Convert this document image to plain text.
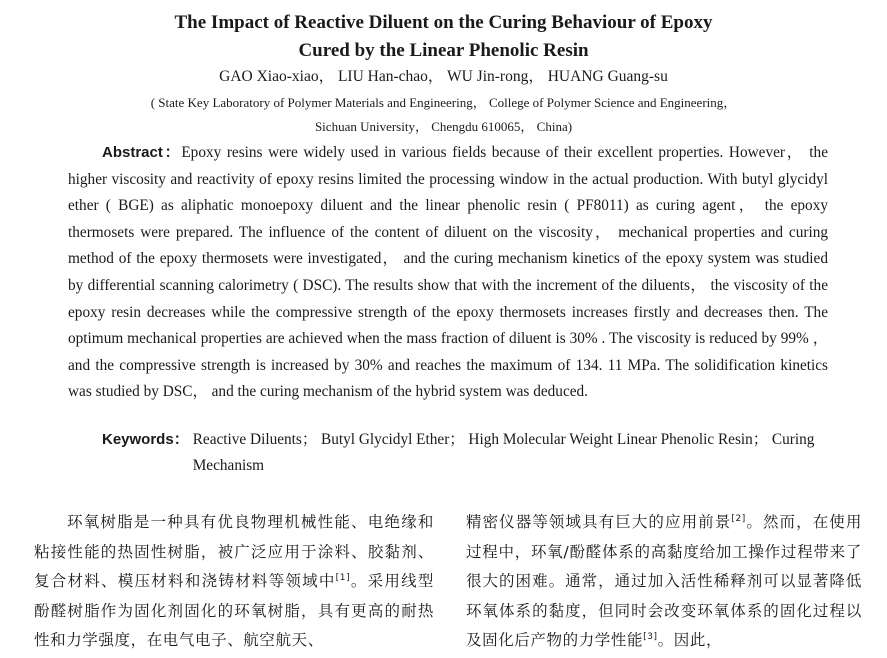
The Impact of Reactive Diluent on the Curing Behaviour of Epoxy
Cured by the Linear Phenolic Resin
GAO Xiao-xiao， LIU Han-chao， WU Jin-rong， HUANG Guang-su
( State Key Laboratory of Polymer Materials and Engineering， College of Polymer Science and Engineering，
Sichuan University， Chengdu 610065， China)
Abstract：Epoxy resins were widely used in various fields because of their excellent properties. However， the higher viscosity and reactivity of epoxy resins limited the processing window in the actual production. With butyl glycidyl ether ( BGE) as aliphatic monoepoxy diluent and the linear phenolic resin ( PF8011) as curing agent， the epoxy thermosets were prepared. The influence of the content of diluent on the viscosity， mechanical properties and curing method of the epoxy thermosets were investigated， and the curing mechanism kinetics of the epoxy system was studied by differential scanning calorimetry ( DSC). The results show that with the increment of the diluents， the viscosity of the epoxy resin decreases while the compressive strength of the epoxy thermosets increases firstly and decreases then. The optimum mechanical properties are achieved when the mass fraction of diluent is 30% . The viscosity is reduced by 99% ， and the compressive strength is increased by 30% and reaches the maximum of 134. 11 MPa. The solidification kinetics was studied by DSC， and the curing mechanism of the hybrid system was deduced.
Keywords： Reactive Diluents； Butyl Glycidyl Ether； High Molecular Weight Linear Phenolic Resin； Curing Mechanism
环氧树脂是一种具有优良物理机械性能、电绝缘和粘接性能的热固性树脂，被广泛应用于涂料、胶黏剂、复合材料、模压材料和浇铸材料等领域中[1]。采用线型酚醛树脂作为固化剂固化的环氧树脂，具有更高的耐热性和力学强度，在电气电子、航空航天、
精密仪器等领域具有巨大的应用前景[2]。然而，在使用过程中，环氧/酚醛体系的高黏度给加工操作过程带来了很大的困难。通常，通过加入活性稀释剂可以显著降低环氧体系的黏度，但同时会改变环氧体系的固化过程以及固化后产物的力学性能[3]。因此，
